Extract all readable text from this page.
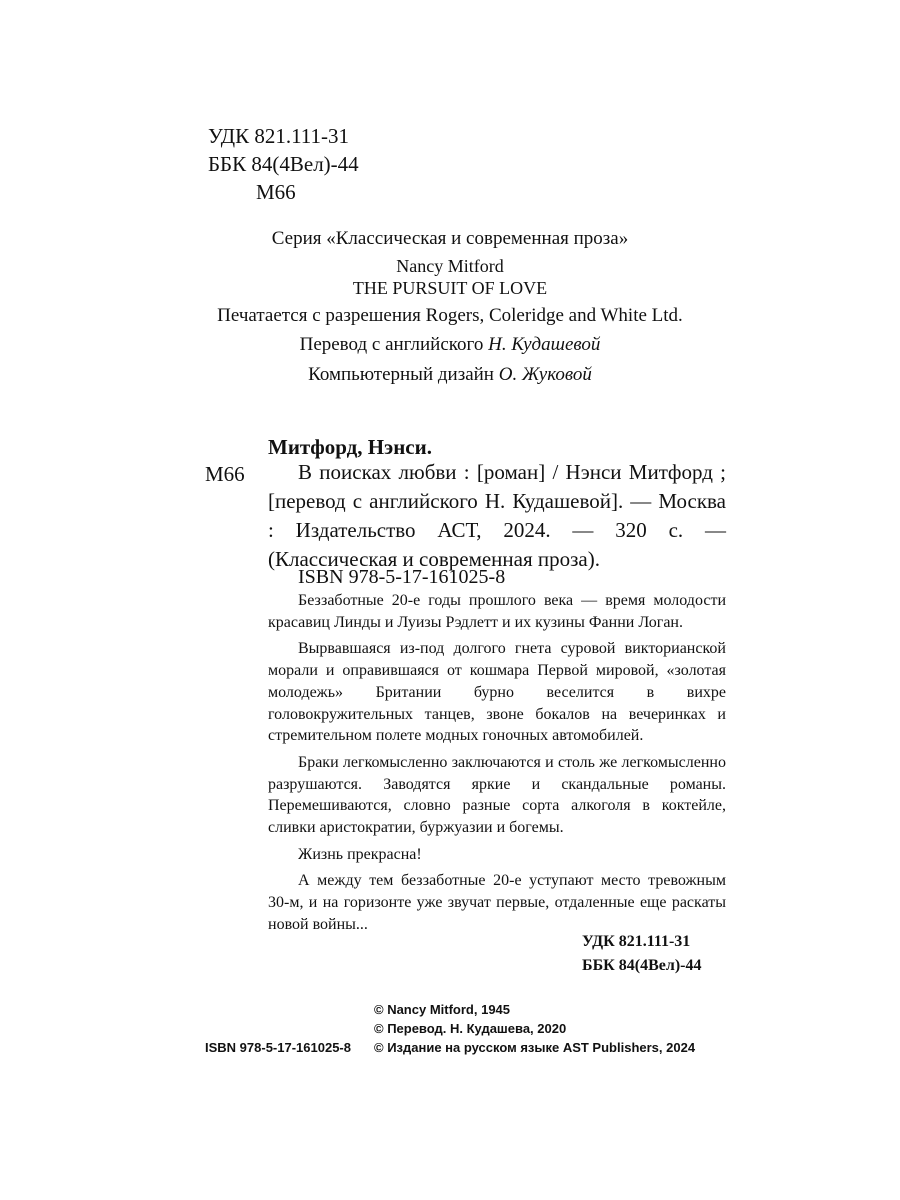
УДК 821.111-31
ББК 84(4Вел)-44
М66
Серия «Классическая и современная проза»
Nancy Mitford
THE PURSUIT OF LOVE
Печатается с разрешения Rogers, Coleridge and White Ltd.
Перевод с английского Н. Кудашевой
Компьютерный дизайн О. Жуковой
Митфорд, Нэнси.
М66	В поисках любви : [роман] / Нэнси Митфорд ; [перевод с английского Н. Кудашевой]. — Москва : Издательство АСТ, 2024. — 320 с. — (Классическая и современная проза).

ISBN 978-5-17-161025-8

Беззаботные 20-е годы прошлого века — время молодости красавиц Линды и Луизы Рэдлетт и их кузины Фанни Логан.

Вырвавшаяся из-под долгого гнета суровой викторианской морали и оправившаяся от кошмара Первой мировой, «золотая молодежь» Британии бурно веселится в вихре головокружительных танцев, звоне бокалов на вечеринках и стремительном полете модных гоночных автомобилей.

Браки легкомысленно заключаются и столь же легкомысленно разрушаются. Заводятся яркие и скандальные романы. Перемешиваются, словно разные сорта алкоголя в коктейле, сливки аристократии, буржуазии и богемы.

Жизнь прекрасна!

А между тем беззаботные 20-е уступают место тревожным 30-м, и на горизонте уже звучат первые, отдаленные еще раскаты новой войны...

УДК 821.111-31
ББК 84(4Вел)-44
© Nancy Mitford, 1945
© Перевод. Н. Кудашева, 2020
© Издание на русском языке AST Publishers, 2024
ISBN 978-5-17-161025-8
